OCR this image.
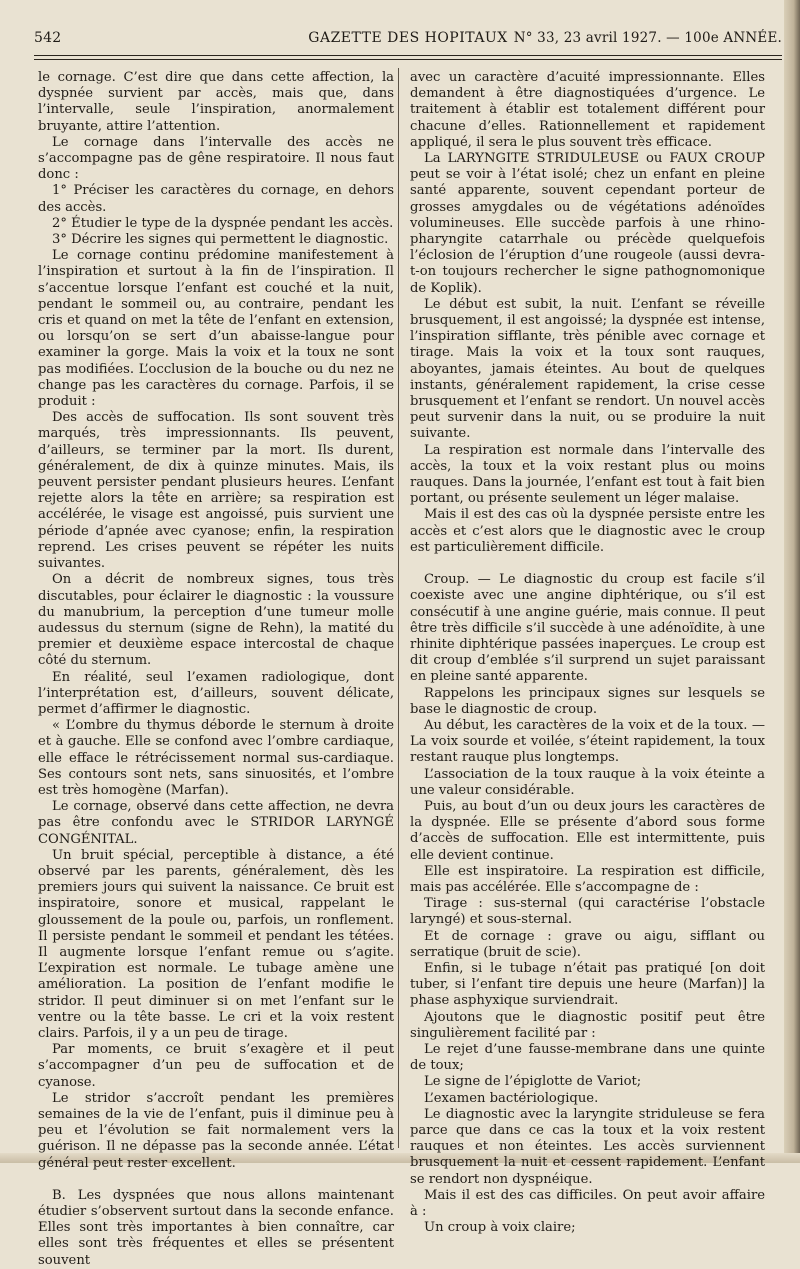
542	GAZETTE DES HOPITAUX N° 33, 23 avril 1927. — 100e ANNÉE.

le cornage. C’est dire que dans cette affection, la dyspnée survient par accès, mais que, dans l’intervalle, seule l’inspiration, anormalement bruyante, attire l’attention.

Le cornage dans l’intervalle des accès ne s’accompagne pas de gêne respiratoire. Il nous faut donc :

1° Préciser les caractères du cornage, en dehors des accès.

2° Étudier le type de la dyspnée pendant les accès.

3° Décrire les signes qui permettent le diagnostic.

Le cornage continu prédomine manifestement à l’inspiration et surtout à la fin de l’inspiration. Il s’accentue lorsque l’enfant est couché et la nuit, pendant le sommeil ou, au contraire, pendant les cris et quand on met la tête de l’enfant en extension, ou lorsqu’on se sert d’un abaisse-langue pour examiner la gorge. Mais la voix et la toux ne sont pas modifiées. L’occlusion de la bouche ou du nez ne change pas les caractères du cornage. Parfois, il se produit :

Des accès de suffocation. Ils sont souvent très marqués, très impressionnants. Ils peuvent, d’ailleurs, se terminer par la mort. Ils durent, généralement, de dix à quinze minutes. Mais, ils peuvent persister pendant plusieurs heures. L’enfant rejette alors la tête en arrière; sa respiration est accélérée, le visage est angoissé, puis survient une période d’apnée avec cyanose; enfin, la respiration reprend. Les crises peuvent se répéter les nuits suivantes.

On a décrit de nombreux signes, tous très discutables, pour éclairer le diagnostic : la voussure du manubrium, la perception d’une tumeur molle audessus du sternum (signe de Rehn), la matité du premier et deuxième espace intercostal de chaque côté du sternum.

En réalité, seul l’examen radiologique, dont l’interprétation est, d’ailleurs, souvent délicate, permet d’affirmer le diagnostic.

« L’ombre du thymus déborde le sternum à droite et à gauche. Elle se confond avec l’ombre cardiaque, elle efface le rétrécissement normal sus-cardiaque. Ses contours sont nets, sans sinuosités, et l’ombre est très homogène (Marfan).

Le cornage, observé dans cette affection, ne devra pas être confondu avec le STRIDOR LARYNGÉ CONGÉNITAL.

Un bruit spécial, perceptible à distance, a été observé par les parents, généralement, dès les premiers jours qui suivent la naissance. Ce bruit est inspiratoire, sonore et musical, rappelant le gloussement de la poule ou, parfois, un ronflement. Il persiste pendant le sommeil et pendant les tétées. Il augmente lorsque l’enfant remue ou s’agite. L’expiration est normale. Le tubage amène une amélioration. La position de l’enfant modifie le stridor. Il peut diminuer si on met l’enfant sur le ventre ou la tête basse. Le cri et la voix restent clairs. Parfois, il y a un peu de tirage.

Par moments, ce bruit s’exagère et il peut s’accompagner d’un peu de suffocation et de cyanose.

Le stridor s’accroît pendant les premières semaines de la vie de l’enfant, puis il diminue peu à peu et l’évolution se fait normalement vers la guérison. Il ne dépasse pas la seconde année. L’état général peut rester excellent.

B. Les dyspnées que nous allons maintenant étudier s’observent surtout dans la seconde enfance. Elles sont très importantes à bien connaître, car elles sont très fréquentes et elles se présentent souvent

avec un caractère d’acuité impressionnante. Elles demandent à être diagnostiquées d’urgence. Le traitement à établir est totalement différent pour chacune d’elles. Rationnellement et rapidement appliqué, il sera le plus souvent très efficace.

La LARYNGITE STRIDULEUSE ou FAUX CROUP peut se voir à l’état isolé; chez un enfant en pleine santé apparente, souvent cependant porteur de grosses amygdales ou de végétations adénoïdes volumineuses. Elle succède parfois à une rhino-pharyngite catarrhale ou précède quelquefois l’éclosion de l’éruption d’une rougeole (aussi devra-t-on toujours rechercher le signe pathognomonique de Koplik).

Le début est subit, la nuit. L’enfant se réveille brusquement, il est angoissé; la dyspnée est intense, l’inspiration sifflante, très pénible avec cornage et tirage. Mais la voix et la toux sont rauques, aboyantes, jamais éteintes. Au bout de quelques instants, généralement rapidement, la crise cesse brusquement et l’enfant se rendort. Un nouvel accès peut survenir dans la nuit, ou se produire la nuit suivante.

La respiration est normale dans l’intervalle des accès, la toux et la voix restant plus ou moins rauques. Dans la journée, l’enfant est tout à fait bien portant, ou présente seulement un léger malaise.

Mais il est des cas où la dyspnée persiste entre les accès et c’est alors que le diagnostic avec le croup est particulièrement difficile.

Croup. — Le diagnostic du croup est facile s’il coexiste avec une angine diphtérique, ou s’il est consécutif à une angine guérie, mais connue. Il peut être très difficile s’il succède à une adénoïdite, à une rhinite diphtérique passées inaperçues. Le croup est dit croup d’emblée s’il surprend un sujet paraissant en pleine santé apparente.

Rappelons les principaux signes sur lesquels se base le diagnostic de croup.

Au début, les caractères de la voix et de la toux. — La voix sourde et voilée, s’éteint rapidement, la toux restant rauque plus longtemps.

L’association de la toux rauque à la voix éteinte a une valeur considérable.

Puis, au bout d’un ou deux jours les caractères de la dyspnée. Elle se présente d’abord sous forme d’accès de suffocation. Elle est intermittente, puis elle devient continue.

Elle est inspiratoire. La respiration est difficile, mais pas accélérée. Elle s’accompagne de :

Tirage : sus-sternal (qui caractérise l’obstacle laryngé) et sous-sternal.

Et de cornage : grave ou aigu, sifflant ou serratique (bruit de scie).

Enfin, si le tubage n’était pas pratiqué [on doit tuber, si l’enfant tire depuis une heure (Marfan)] la phase asphyxique surviendrait.

Ajoutons que le diagnostic positif peut être singulièrement facilité par :

Le rejet d’une fausse-membrane dans une quinte de toux;

Le signe de l’épiglotte de Variot;

L’examen bactériologique.

Le diagnostic avec la laryngite striduleuse se fera parce que dans ce cas la toux et la voix restent rauques et non éteintes. Les accès surviennent brusquement la nuit et cessent rapidement. L’enfant se rendort non dyspnéique.

Mais il est des cas difficiles. On peut avoir affaire à :

Un croup à voix claire;
